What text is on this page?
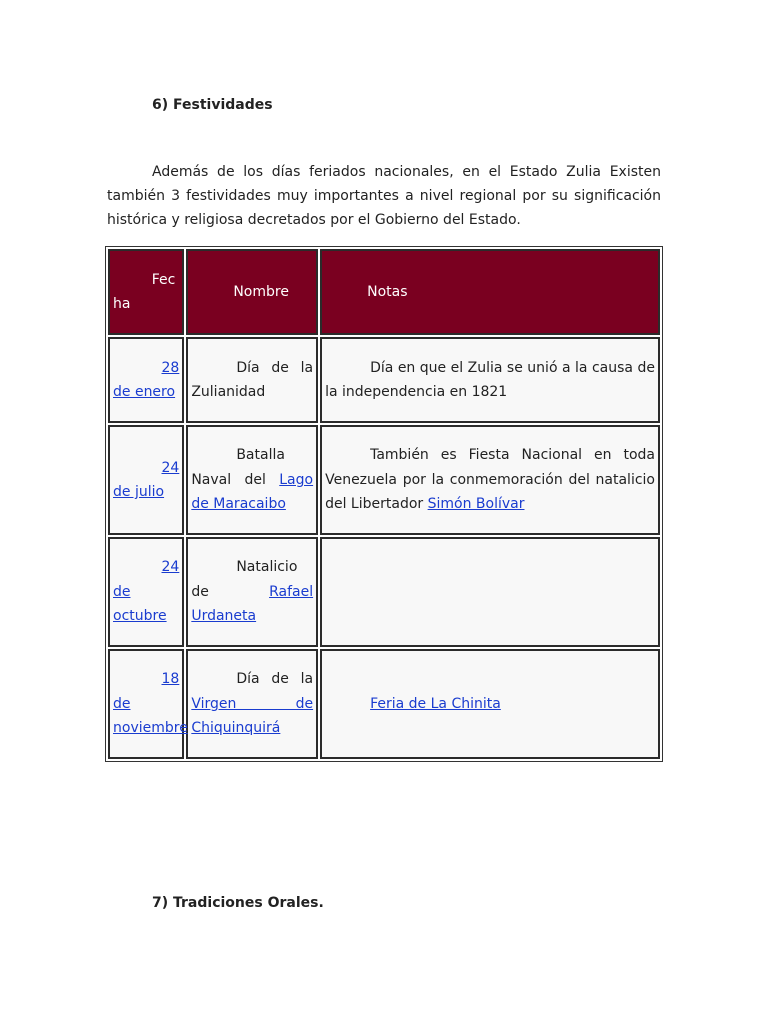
6) Festividades

Además de los días feriados nacionales, en el Estado Zulia Existen también 3 festividades muy importantes a nivel regional por su significación histórica y religiosa decretados por el Gobierno del Estado.

Fec
ha	Nombre	Notas

28
de enero	Día de la Zulianidad	Día en que el Zulia se unió a la causa de la independencia en 1821

24
de julio	Batalla Naval del Lago de Maracaibo	También es Fiesta Nacional en toda Venezuela por la conmemoración del natalicio del Libertador Simón Bolívar

24
de octubre	Natalicio de Rafael Urdaneta	

18
de noviembre	Día de la Virgen de Chiquinquirá	Feria de La Chinita
7) Tradiciones Orales.
